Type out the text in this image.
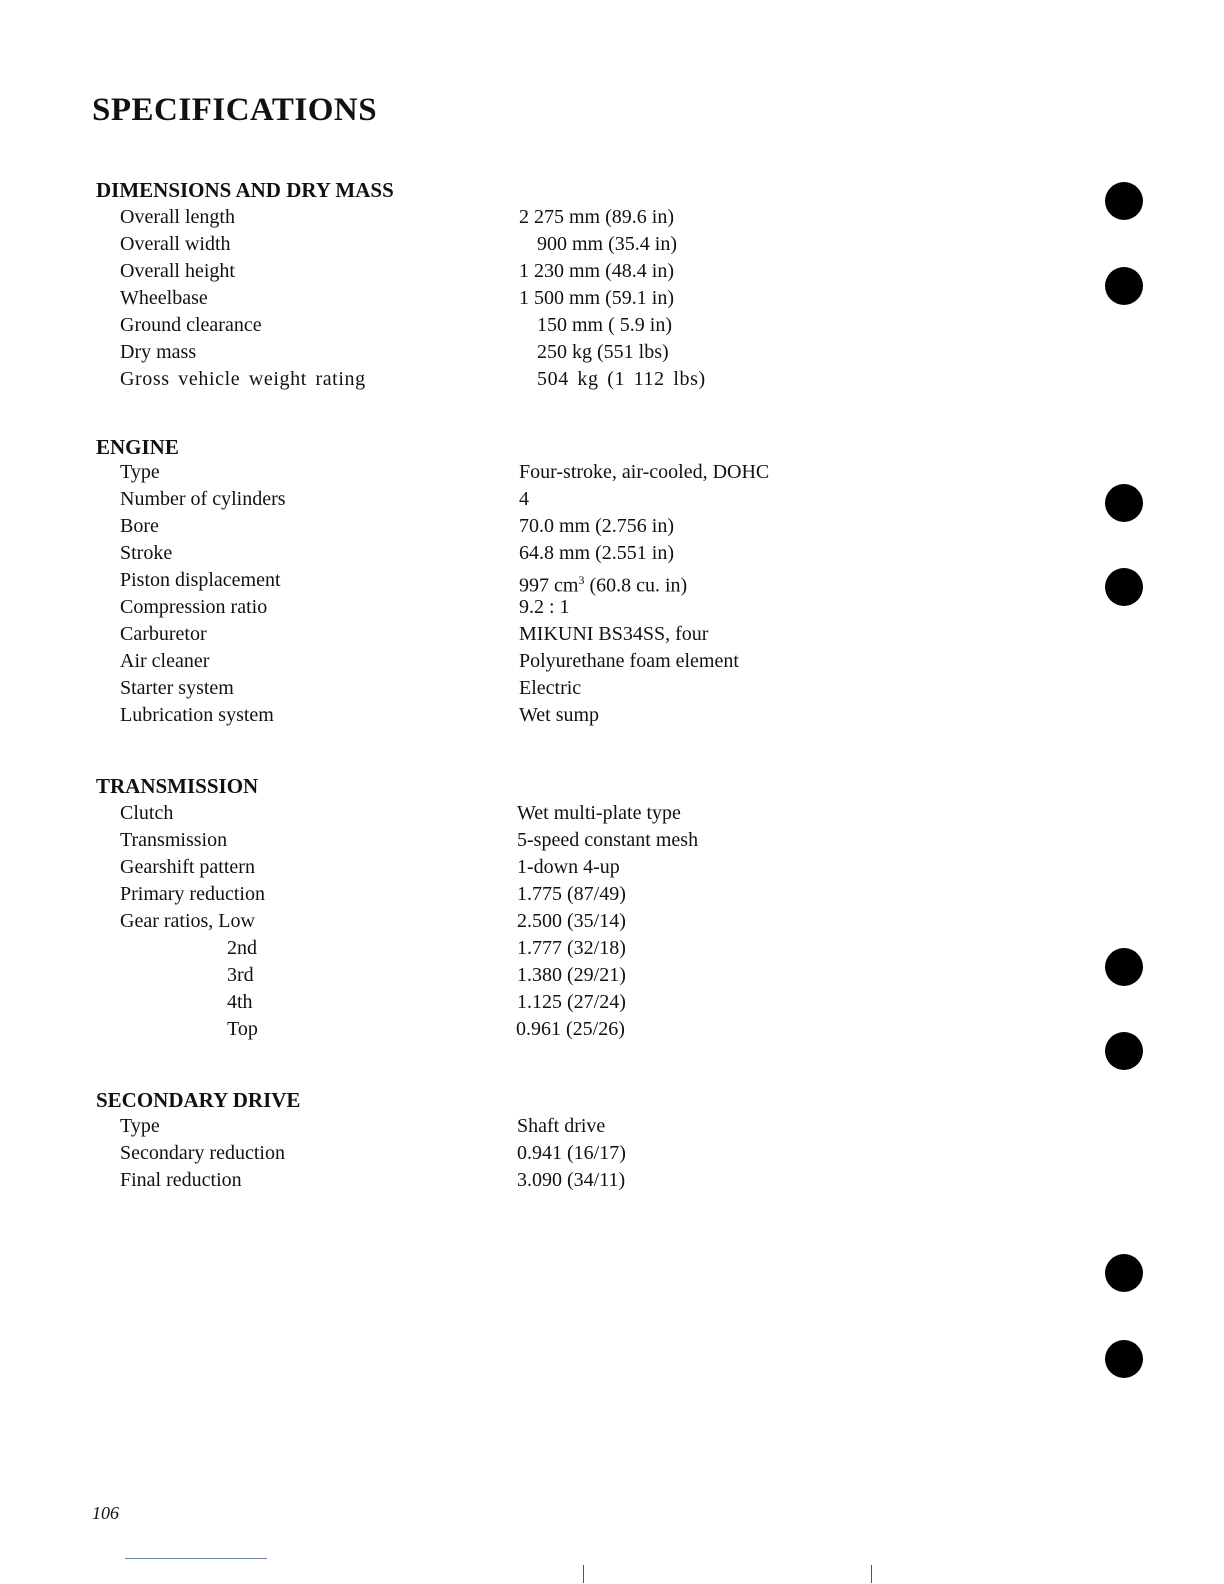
SPECIFICATIONS
DIMENSIONS AND DRY MASS
Overall length	2 275 mm (89.6 in)
Overall width	900 mm (35.4 in)
Overall height	1 230 mm (48.4 in)
Wheelbase	1 500 mm (59.1 in)
Ground clearance	150 mm ( 5.9 in)
Dry mass	250 kg (551 lbs)
Gross vehicle weight rating	504 kg (1 112 lbs)
ENGINE
Type	Four-stroke, air-cooled, DOHC
Number of cylinders	4
Bore	70.0 mm (2.756 in)
Stroke	64.8 mm (2.551 in)
Piston displacement	997 $cm^3$ (60.8 cu. in)
Compression ratio	9.2 : 1
Carburetor	MIKUNI BS34SS, four
Air cleaner	Polyurethane foam element
Starter system	Electric
Lubrication system	Wet sump
TRANSMISSION
Clutch	Wet multi-plate type
Transmission	5-speed constant mesh
Gearshift pattern	1-down 4-up
Primary reduction	1.775 (87/49)
Gear ratios, Low	2.500 (35/14)
2nd	1.777 (32/18)
3rd	1.380 (29/21)
4th	1.125 (27/24)
Top	0.961 (25/26)
SECONDARY DRIVE
Type	Shaft drive
Secondary reduction	0.941 (16/17)
Final reduction	3.090 (34/11)
106
